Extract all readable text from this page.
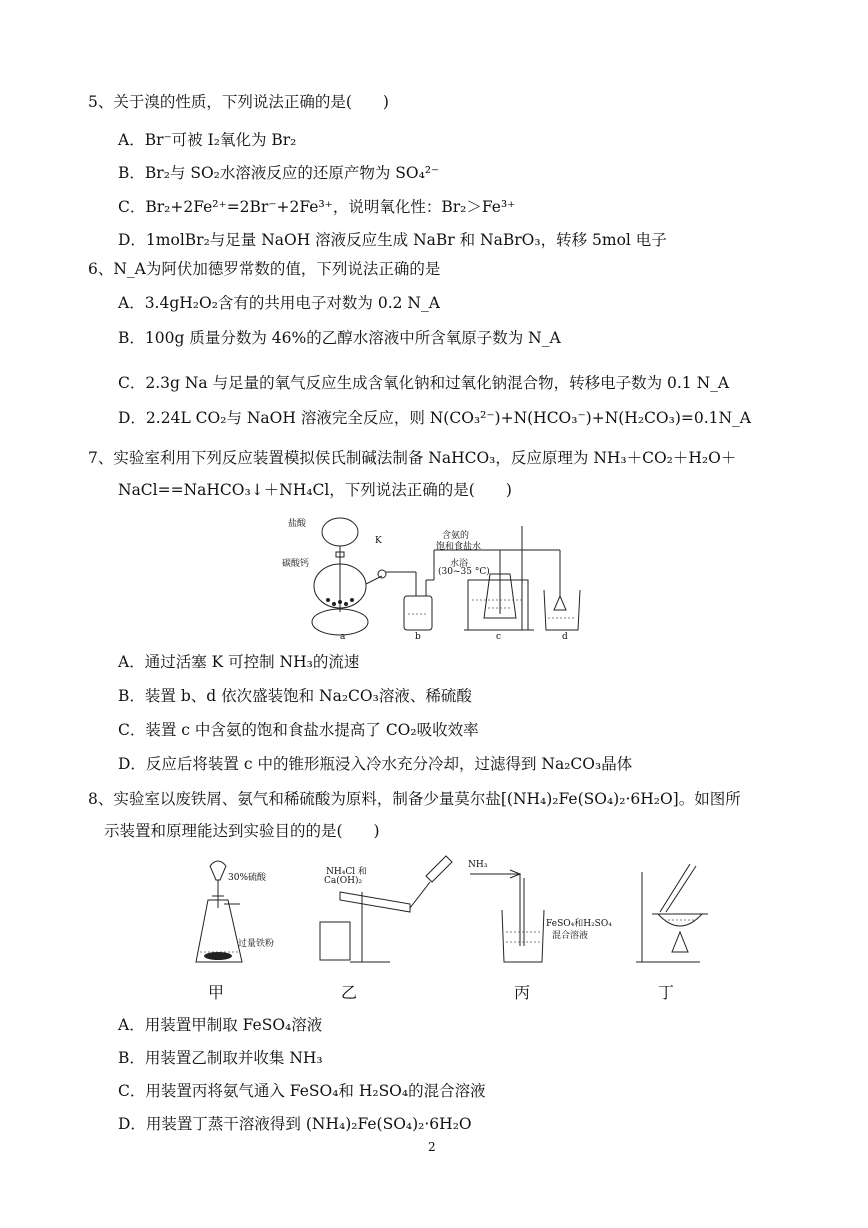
5、关于溴的性质，下列说法正确的是(　　)
A．Br⁻可被 I₂氧化为 Br₂
B．Br₂与 SO₂水溶液反应的还原产物为 SO₄²⁻
C．Br₂+2Fe²⁺=2Br⁻+2Fe³⁺，说明氧化性：Br₂＞Fe³⁺
D．1molBr₂与足量 NaOH 溶液反应生成 NaBr 和 NaBrO₃，转移 5mol 电子
6、N_A为阿伏加德罗常数的值，下列说法正确的是
A．3.4gH₂O₂含有的共用电子对数为 0.2 N_A
B．100g 质量分数为 46%的乙醇水溶液中所含氧原子数为 N_A
C．2.3g Na 与足量的氧气反应生成含氧化钠和过氧化钠混合物，转移电子数为 0.1 N_A
D．2.24L CO₂与 NaOH 溶液完全反应，则 N(CO₃²⁻)+N(HCO₃⁻)+N(H₂CO₃)=0.1N_A
7、实验室利用下列反应装置模拟侯氏制碱法制备 NaHCO₃，反应原理为 NH₃＋CO₂＋H₂O＋
NaCl==NaHCO₃↓＋NH₄Cl，下列说法正确的是(　　)
盐酸
碳酸钙
K	含氨的
饱和食盐水
水浴
(30~35 °C)
a	b	c	d
A．通过活塞 K 可控制 NH₃的流速
B．装置 b、d 依次盛装饱和 Na₂CO₃溶液、稀硫酸
C．装置 c 中含氨的饱和食盐水提高了 CO₂吸收效率
D．反应后将装置 c 中的锥形瓶浸入冷水充分冷却，过滤得到 Na₂CO₃晶体
8、实验室以废铁屑、氨气和稀硫酸为原料，制备少量莫尔盐[(NH₄)₂Fe(SO₄)₂·6H₂O]。如图所
示装置和原理能达到实验目的的是(　　)
30%硫酸
过量铁粉
NH₄Cl 和
Ca(OH)₂
NH₃
FeSO₄和H₂SO₄
混合溶液
甲	乙	丙	丁
A．用装置甲制取 FeSO₄溶液
B．用装置乙制取并收集 NH₃
C．用装置丙将氨气通入 FeSO₄和 H₂SO₄的混合溶液
D．用装置丁蒸干溶液得到 (NH₄)₂Fe(SO₄)₂·6H₂O
2
